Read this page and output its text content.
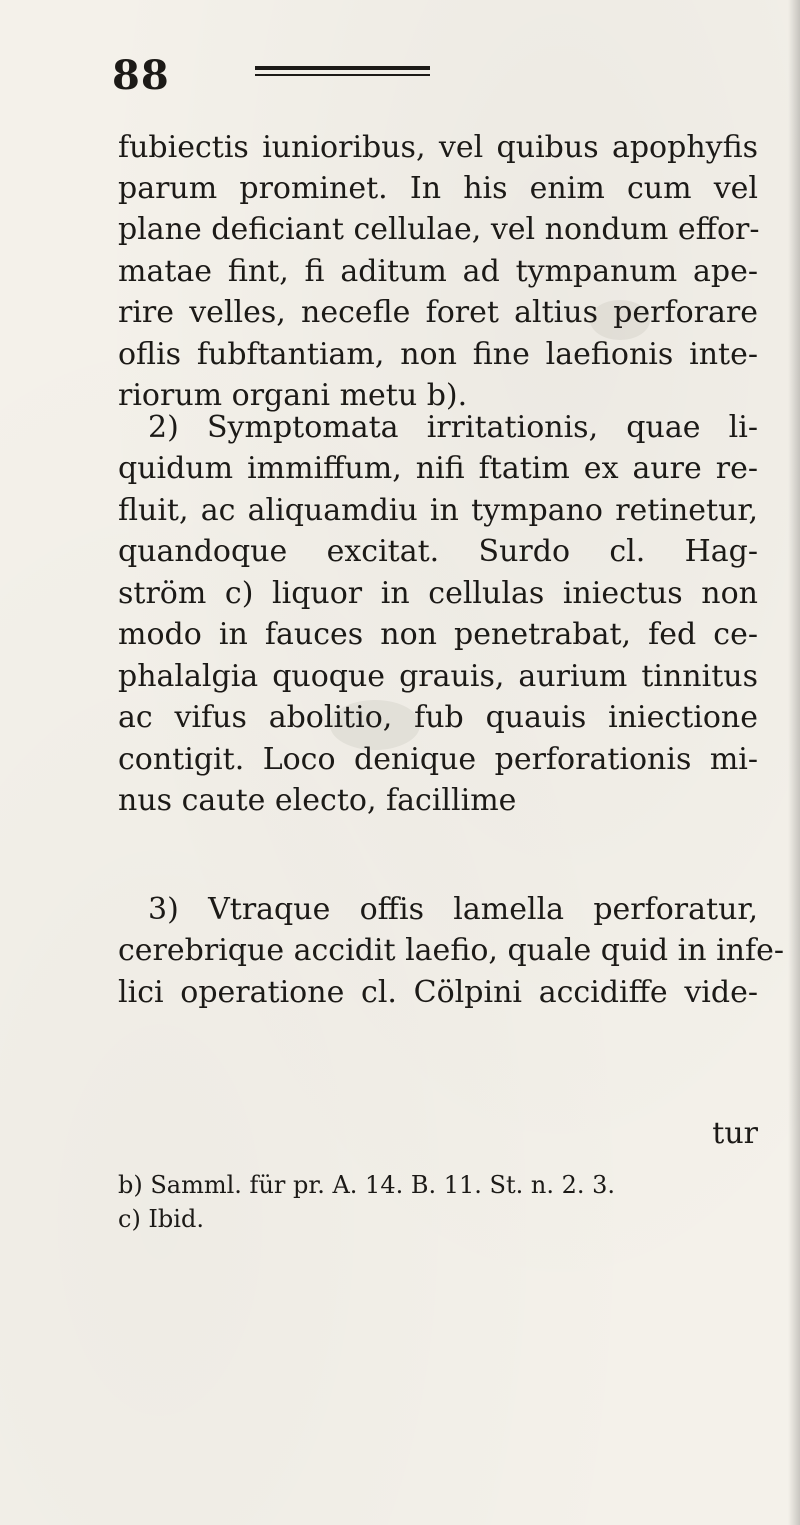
88
fubiectis iunioribus, vel quibus apophyfis
parum prominet. In his enim cum vel
plane deficiant cellulae, vel nondum effor-
matae fint, fi aditum ad tympanum ape-
rire velles, necefle foret altius perforare
oflis fubftantiam, non fine laefionis inte-
riorum organi metu b).
2) Symptomata irritationis, quae li-
quidum immiffum, nifi ftatim ex aure re-
fluit, ac aliquamdiu in tympano retinetur,
quandoque excitat. Surdo cl. Hag-
ström c) liquor in cellulas iniectus non
modo in fauces non penetrabat, fed ce-
phalalgia quoque grauis, aurium tinnitus
ac vifus abolitio, fub quauis iniectione
contigit. Loco denique perforationis mi-
nus caute electo, facillime
3) Vtraque offis lamella perforatur,
cerebrique accidit laefio, quale quid in infe-
lici operatione cl. Cölpini accidiffe vide-
tur
b) Samml. für pr. A. 14. B. 11. St. n. 2. 3.
c) Ibid.
